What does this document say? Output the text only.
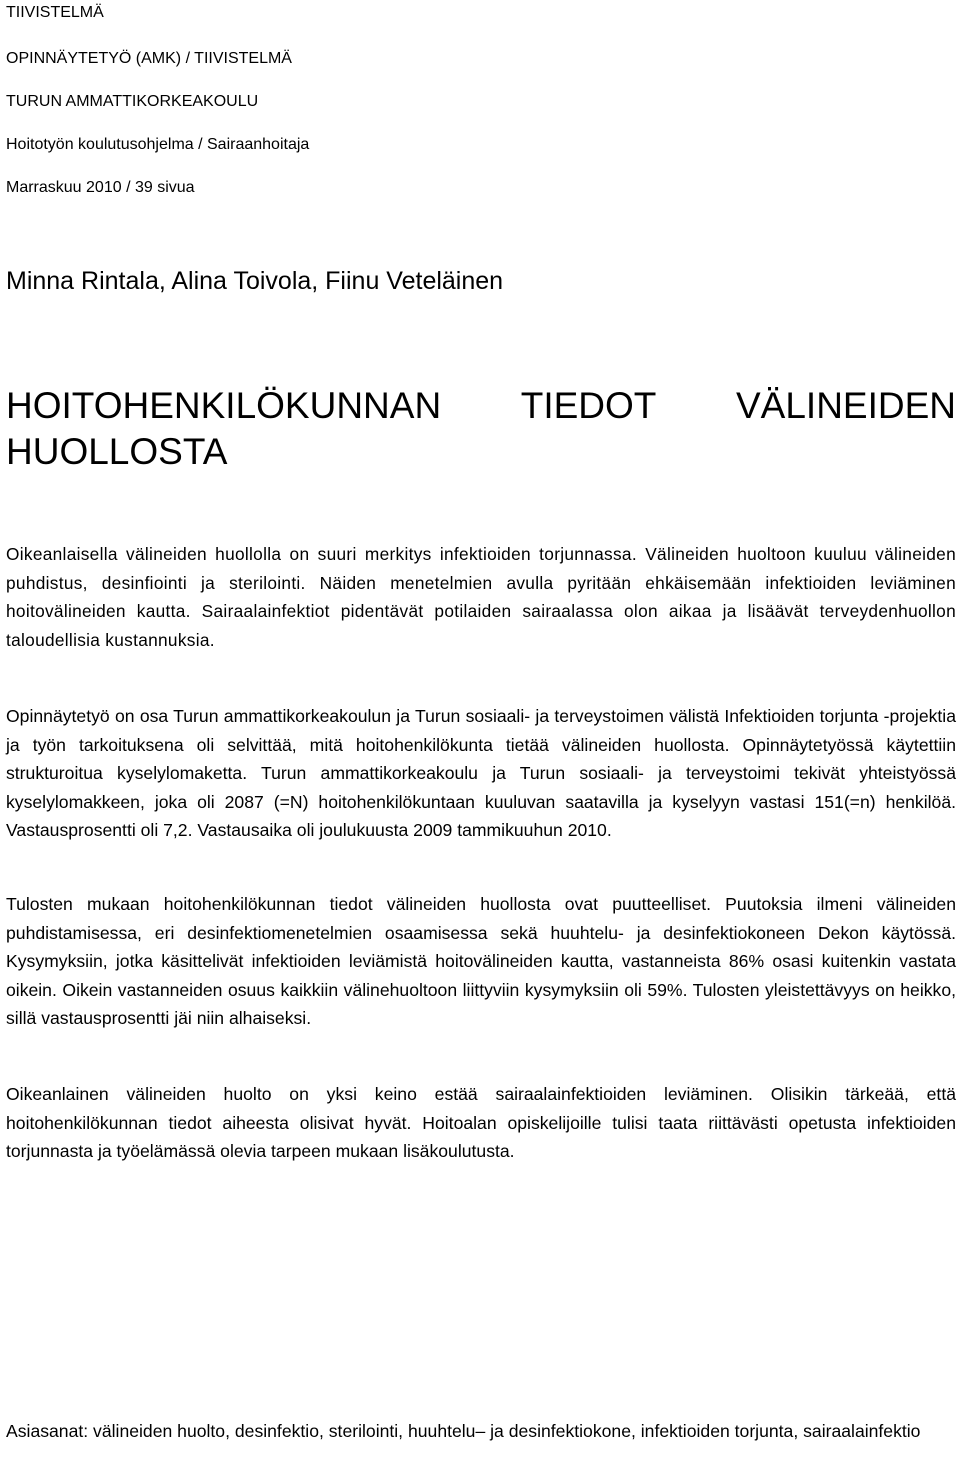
TIIVISTELMÄ
OPINNÄYTETYÖ (AMK) / TIIVISTELMÄ
TURUN AMMATTIKORKEAKOULU
Hoitotyön koulutusohjelma / Sairaanhoitaja
Marraskuu 2010 / 39 sivua
Minna Rintala, Alina Toivola, Fiinu Veteläinen
HOITOHENKILÖKUNNAN TIEDOT VÄLINEIDEN HUOLLOSTA

Oikeanlaisella välineiden huollolla on suuri merkitys infektioiden torjunnassa. Välineiden huoltoon kuuluu välineiden puhdistus, desinfiointi ja sterilointi. Näiden menetelmien avulla pyritään ehkäisemään infektioiden leviäminen hoitovälineiden kautta. Sairaalainfektiot pidentävät potilaiden sairaalassa olon aikaa ja lisäävät terveydenhuollon taloudellisia kustannuksia.

Opinnäytetyö on osa Turun ammattikorkeakoulun ja Turun sosiaali- ja terveystoimen välistä Infektioiden torjunta -projektia ja työn tarkoituksena oli selvittää, mitä hoitohenkilökunta tietää välineiden huollosta. Opinnäytetyössä käytettiin strukturoitua kyselylomaketta. Turun ammattikorkeakoulu ja Turun sosiaali- ja terveystoimi tekivät yhteistyössä kyselylomakkeen, joka oli 2087 (=N) hoitohenkilökuntaan kuuluvan saatavilla ja kyselyyn vastasi 151(=n) henkilöä. Vastausprosentti oli 7,2. Vastausaika oli joulukuusta 2009 tammikuuhun 2010.

Tulosten mukaan hoitohenkilökunnan tiedot välineiden huollosta ovat puutteelliset. Puutoksia ilmeni välineiden puhdistamisessa, eri desinfektiomenetelmien osaamisessa sekä huuhtelu- ja desinfektiokoneen Dekon käytössä. Kysymyksiin, jotka käsittelivät infektioiden leviämistä hoitovälineiden kautta, vastanneista 86% osasi kuitenkin vastata oikein. Oikein vastanneiden osuus kaikkiin välinehuoltoon liittyviin kysymyksiin oli 59%. Tulosten yleistettävyys on heikko, sillä vastausprosentti jäi niin alhaiseksi.

Oikeanlainen välineiden huolto on yksi keino estää sairaalainfektioiden leviäminen. Olisikin tärkeää, että hoitohenkilökunnan tiedot aiheesta olisivat hyvät. Hoitoalan opiskelijoille tulisi taata riittävästi opetusta infektioiden torjunnasta ja työelämässä olevia tarpeen mukaan lisäkoulutusta.

Asiasanat: välineiden huolto, desinfektio, sterilointi, huuhtelu– ja desinfektiokone, infektioiden torjunta, sairaalainfektio
